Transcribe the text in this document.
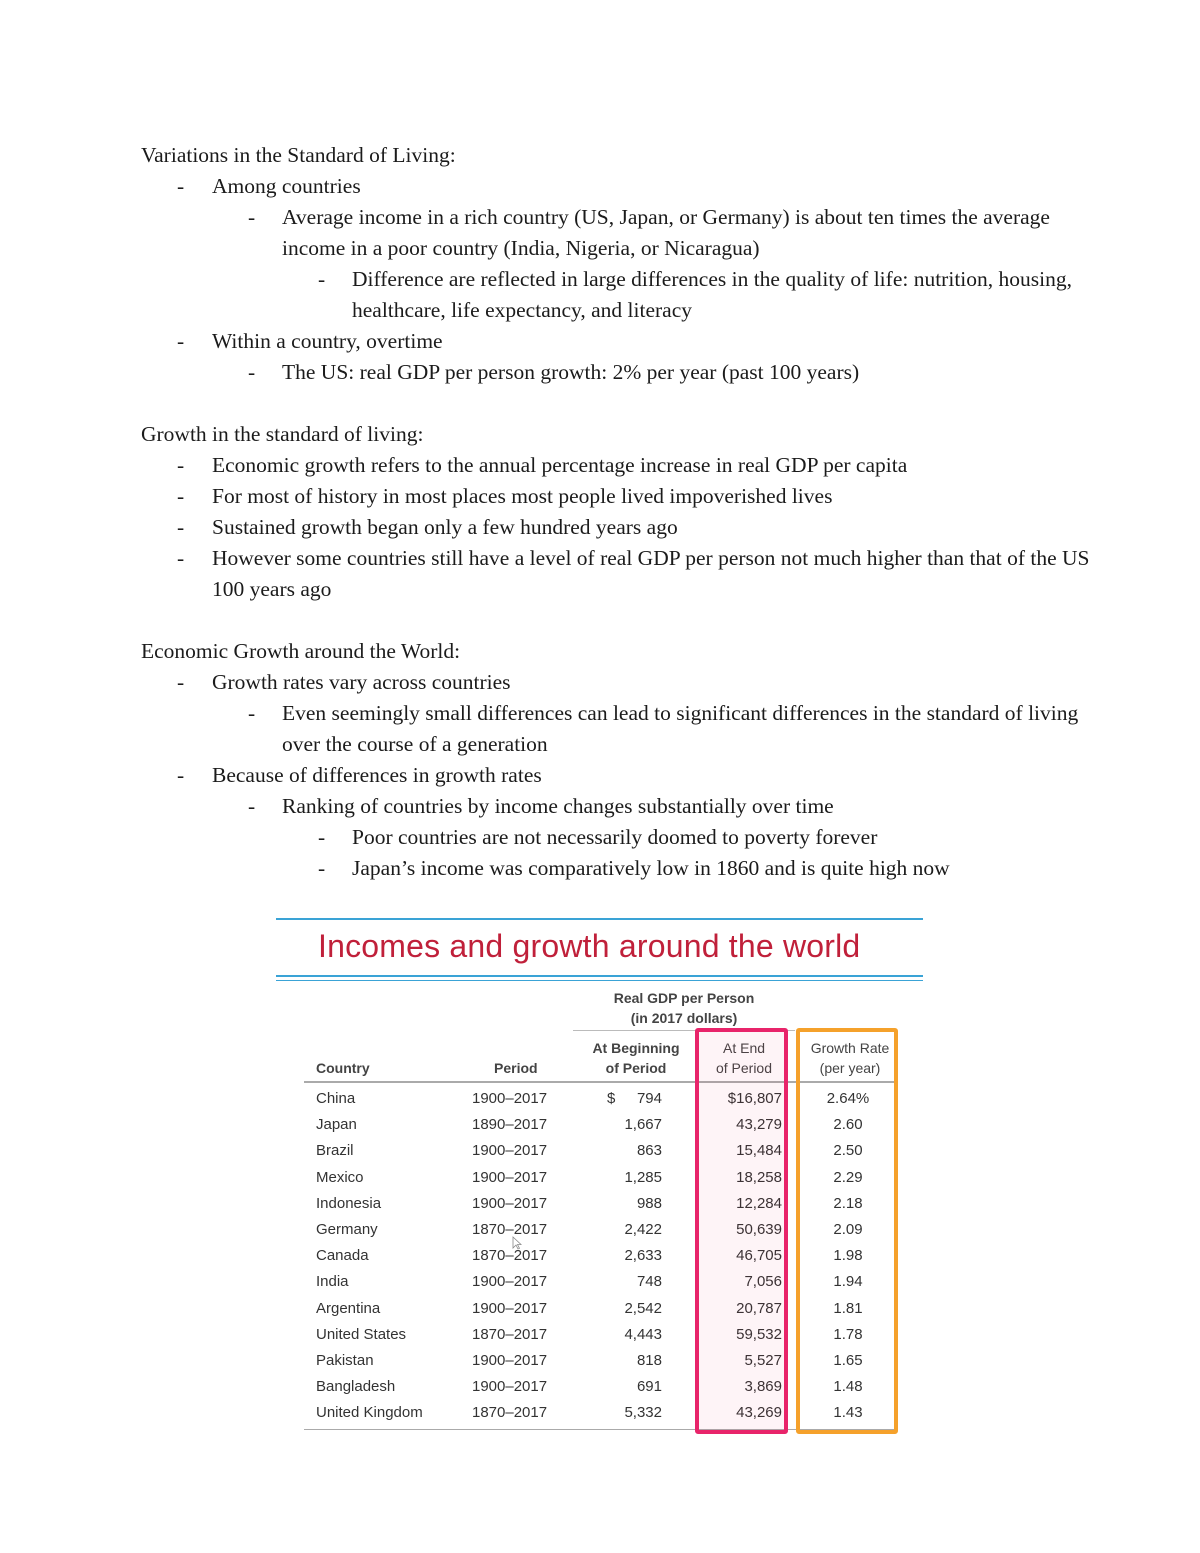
Variations in the Standard of Living:
- Among countries
- Average income in a rich country (US, Japan, or Germany) is about ten times the average income in a poor country (India, Nigeria, or Nicaragua)
- Difference are reflected in large differences in the quality of life: nutrition, housing, healthcare, life expectancy, and literacy
- Within a country, overtime
- The US: real GDP per person growth: 2% per year (past 100 years)
Growth in the standard of living:
- Economic growth refers to the annual percentage increase in real GDP per capita
- For most of history in most places most people lived impoverished lives
- Sustained growth began only a few hundred years ago
- However some countries still have a level of real GDP per person not much higher than that of the US 100 years ago
Economic Growth around the World:
- Growth rates vary across countries
- Even seemingly small differences can lead to significant differences in the standard of living over the course of a generation
- Because of differences in growth rates
- Ranking of countries by income changes substantially over time
- Poor countries are not necessarily doomed to poverty forever
- Japan’s income was comparatively low in 1860 and is quite high now
Incomes and growth around the world
Real GDP per Person
(in 2017 dollars)
Country	Period
At Beginning
of Period
At End
of Period
Growth Rate
(per year)
China	1900–2017	$	794	$16,807	2.64%
Japan	1890–2017	1,667	43,279	2.60
Brazil	1900–2017	863	15,484	2.50
Mexico	1900–2017	1,285	18,258	2.29
Indonesia	1900–2017	988	12,284	2.18
Germany	1870–2017	2,422	50,639	2.09
Canada	1870–2017	2,633	46,705	1.98
India	1900–2017	748	7,056	1.94
Argentina	1900–2017	2,542	20,787	1.81
United States	1870–2017	4,443	59,532	1.78
Pakistan	1900–2017	818	5,527	1.65
Bangladesh	1900–2017	691	3,869	1.48
United Kingdom	1870–2017	5,332	43,269	1.43
